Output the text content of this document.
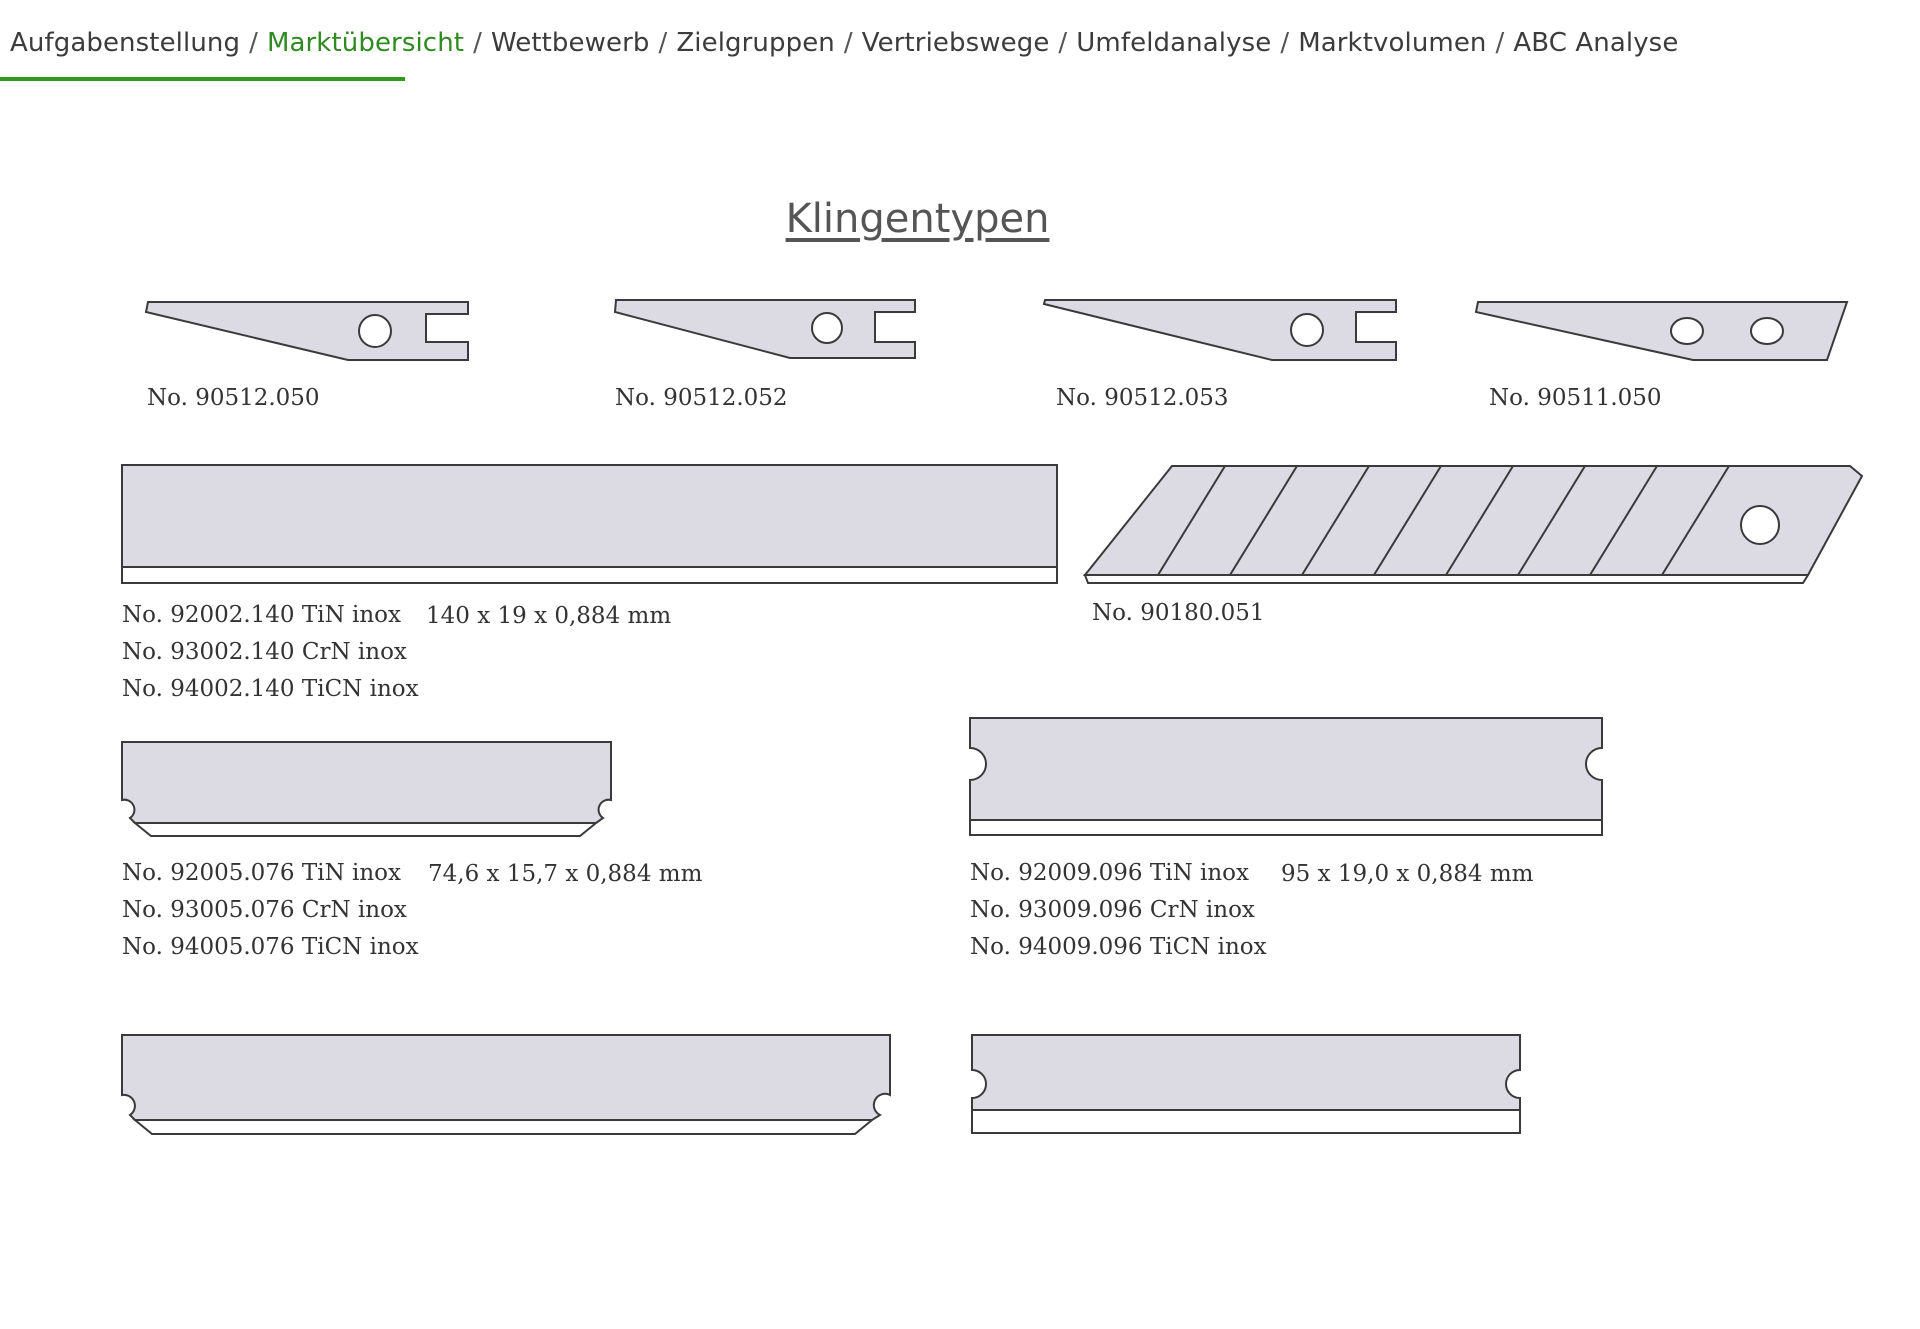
Aufgabenstellung / Marktübersicht / Wettbewerb / Zielgruppen / Vertriebswege / Umfeldanalyse / Marktvolumen / ABC Analyse
Klingentypen
No. 90512.050	No. 90512.052	No. 90512.053	No. 90511.050
No. 92002.140 TiN inox
No. 93002.140 CrN inox
No. 94002.140 TiCN inox
140 x 19 x 0,884 mm	No. 90180.051
No. 92005.076 TiN inox
No. 93005.076 CrN inox
No. 94005.076 TiCN inox
74,6 x 15,7 x 0,884 mm	No. 92009.096 TiN inox
No. 93009.096 CrN inox
No. 94009.096 TiCN inox
95 x 19,0 x 0,884 mm
